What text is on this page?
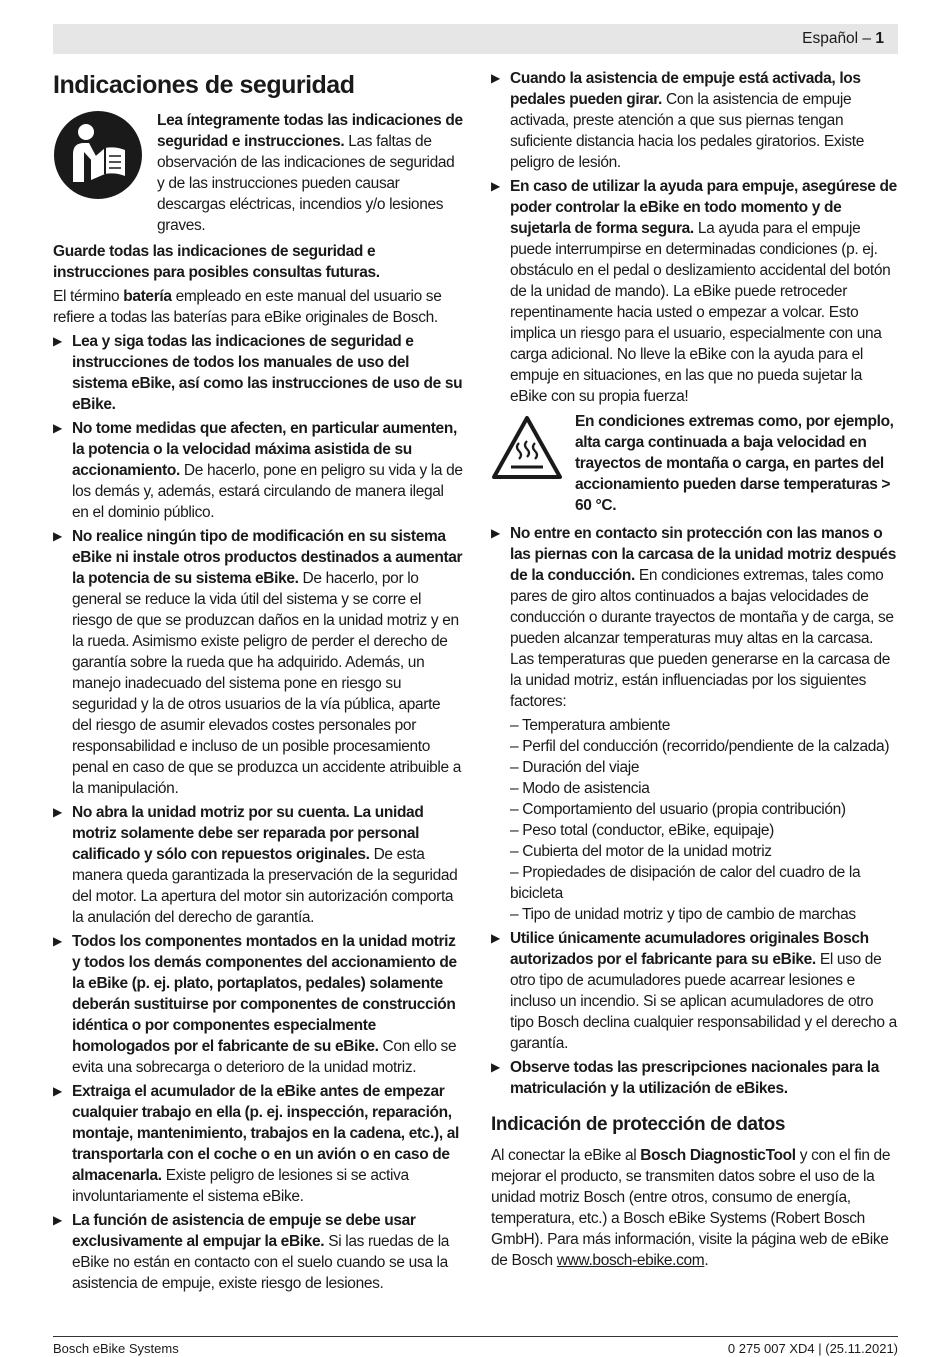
Español – 1
Indicaciones de seguridad

Lea íntegramente todas las indicaciones de seguridad e instrucciones. Las faltas de observación de las indicaciones de seguridad y de las instrucciones pueden causar descargas eléctricas, incendios y/o lesiones graves.

Guarde todas las indicaciones de seguridad e instrucciones para posibles consultas futuras.

El término batería empleado en este manual del usuario se refiere a todas las baterías para eBike originales de Bosch.

▶ Lea y siga todas las indicaciones de seguridad e instrucciones de todos los manuales de uso del sistema eBike, así como las instrucciones de uso de su eBike.
▶ No tome medidas que afecten, en particular aumenten, la potencia o la velocidad máxima asistida de su accionamiento. De hacerlo, pone en peligro su vida y la de los demás y, además, estará circulando de manera ilegal en el dominio público.
▶ No realice ningún tipo de modificación en su sistema eBike ni instale otros productos destinados a aumentar la potencia de su sistema eBike. De hacerlo, por lo general se reduce la vida útil del sistema y se corre el riesgo de que se produzcan daños en la unidad motriz y en la rueda. Asimismo existe peligro de perder el derecho de garantía sobre la rueda que ha adquirido. Además, un manejo inadecuado del sistema pone en riesgo su seguridad y la de otros usuarios de la vía pública, aparte del riesgo de asumir elevados costes personales por responsabilidad e incluso de un posible procesamiento penal en caso de que se produzca un accidente atribuible a la manipulación.
▶ No abra la unidad motriz por su cuenta. La unidad motriz solamente debe ser reparada por personal calificado y sólo con repuestos originales. De esta manera queda garantizada la preservación de la seguridad del motor. La apertura del motor sin autorización comporta la anulación del derecho de garantía.
▶ Todos los componentes montados en la unidad motriz y todos los demás componentes del accionamiento de la eBike (p. ej. plato, portaplatos, pedales) solamente deberán sustituirse por componentes de construcción idéntica o por componentes especialmente homologados por el fabricante de su eBike. Con ello se evita una sobrecarga o deterioro de la unidad motriz.
▶ Extraiga el acumulador de la eBike antes de empezar cualquier trabajo en ella (p. ej. inspección, reparación, montaje, mantenimiento, trabajos en la cadena, etc.), al transportarla con el coche o en un avión o en caso de almacenarla. Existe peligro de lesiones si se activa involuntariamente el sistema eBike.
▶ La función de asistencia de empuje se debe usar exclusivamente al empujar la eBike. Si las ruedas de la eBike no están en contacto con el suelo cuando se usa la asistencia de empuje, existe riesgo de lesiones.
▶ Cuando la asistencia de empuje está activada, los pedales pueden girar. Con la asistencia de empuje activada, preste atención a que sus piernas tengan suficiente distancia hacia los pedales giratorios. Existe peligro de lesión.
▶ En caso de utilizar la ayuda para empuje, asegúrese de poder controlar la eBike en todo momento y de sujetarla de forma segura. La ayuda para el empuje puede interrumpirse en determinadas condiciones (p. ej. obstáculo en el pedal o deslizamiento accidental del botón de la unidad de mando). La eBike puede retroceder repentinamente hacia usted o empezar a volcar. Esto implica un riesgo para el usuario, especialmente con una carga adicional. No lleve la eBike con la ayuda para el empuje en situaciones, en las que no pueda sujetar la eBike con su propia fuerza!

En condiciones extremas como, por ejemplo, alta carga continuada a baja velocidad en trayectos de montaña o carga, en partes del accionamiento pueden darse temperaturas > 60 °C.

▶ No entre en contacto sin protección con las manos o las piernas con la carcasa de la unidad motriz después de la conducción. En condiciones extremas, tales como pares de giro altos continuados a bajas velocidades de conducción o durante trayectos de montaña y de carga, se pueden alcanzar temperaturas muy altas en la carcasa. Las temperaturas que pueden generarse en la carcasa de la unidad motriz, están influenciadas por los siguientes factores:

– Temperatura ambiente

– Perfil del conducción (recorrido/pendiente de la calzada)

– Duración del viaje

– Modo de asistencia

– Comportamiento del usuario (propia contribución)

– Peso total (conductor, eBike, equipaje)

– Cubierta del motor de la unidad motriz

– Propiedades de disipación de calor del cuadro de la bicicleta

– Tipo de unidad motriz y tipo de cambio de marchas

▶ Utilice únicamente acumuladores originales Bosch autorizados por el fabricante para su eBike. El uso de otro tipo de acumuladores puede acarrear lesiones e incluso un incendio. Si se aplican acumuladores de otro tipo Bosch declina cualquier responsabilidad y el derecho a garantía.
▶ Observe todas las prescripciones nacionales para la matriculación y la utilización de eBikes.
Indicación de protección de datos

Al conectar la eBike al Bosch DiagnosticTool y con el fin de mejorar el producto, se transmiten datos sobre el uso de la unidad motriz Bosch (entre otros, consumo de energía, temperatura, etc.) a Bosch eBike Systems (Robert Bosch GmbH). Para más información, visite la página web de eBike de Bosch www.bosch-ebike.com.

Bosch eBike Systems	0 275 007 XD4 | (25.11.2021)
